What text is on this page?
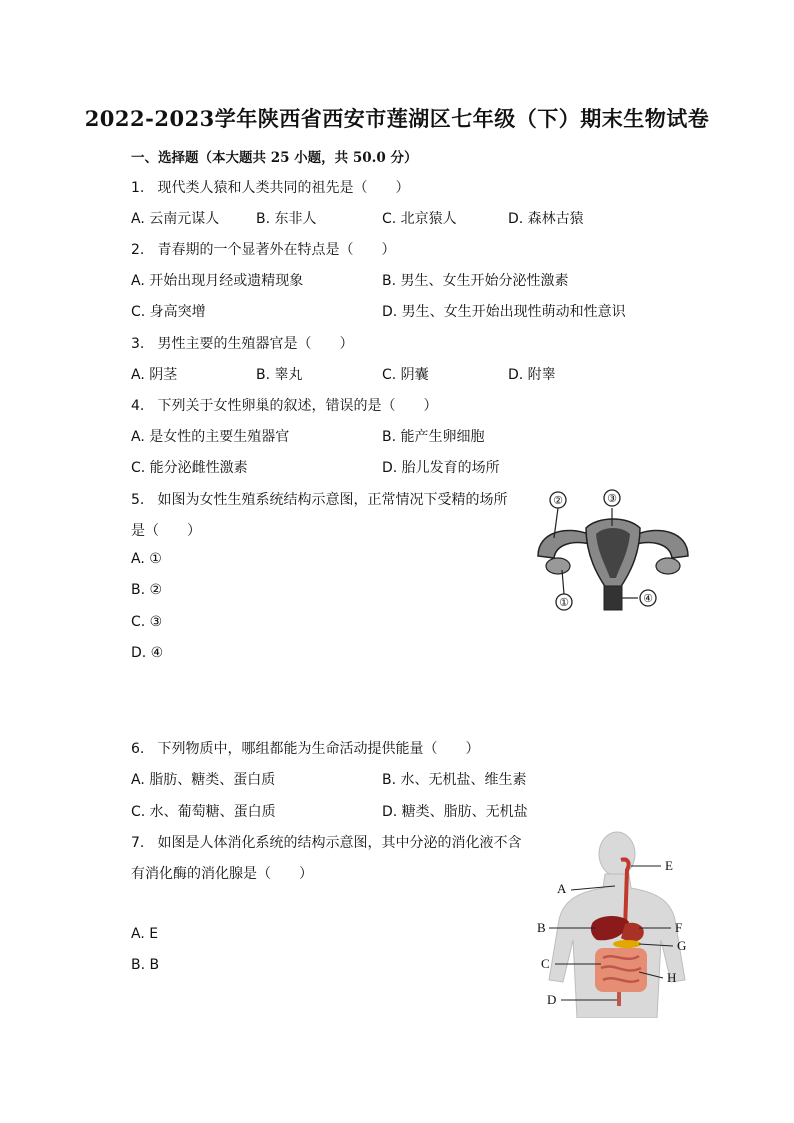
2022-2023学年陕西省西安市莲湖区七年级（下）期末生物试卷
一、选择题（本大题共 25 小题，共 50.0 分）
1. 现代类人猿和人类共同的祖先是（　　）
A. 云南元谋人	B. 东非人	C. 北京猿人	D. 森林古猿
2. 青春期的一个显著外在特点是（　　）
A. 开始出现月经或遗精现象	B. 男生、女生开始分泌性激素
C. 身高突增	D. 男生、女生开始出现性萌动和性意识
3. 男性主要的生殖器官是（　　）
A. 阴茎	B. 睾丸	C. 阴囊	D. 附睾
4. 下列关于女性卵巢的叙述，错误的是（　　）
A. 是女性的主要生殖器官	B. 能产生卵细胞
C. 能分泌雌性激素	D. 胎儿发育的场所
5. 如图为女性生殖系统结构示意图，正常情况下受精的场所
是（　　）
A. ①
B. ②
C. ③
D. ④
②	③
①	④
6. 下列物质中，哪组都能为生命活动提供能量（　　）
A. 脂肪、糖类、蛋白质	B. 水、无机盐、维生素
C. 水、葡萄糖、蛋白质	D. 糖类、脂肪、无机盐
7. 如图是人体消化系统的结构示意图，其中分泌的消化液不含
有消化酶的消化腺是（　　）
A. E
B. B
E
A
B	F
G
C
H
D
